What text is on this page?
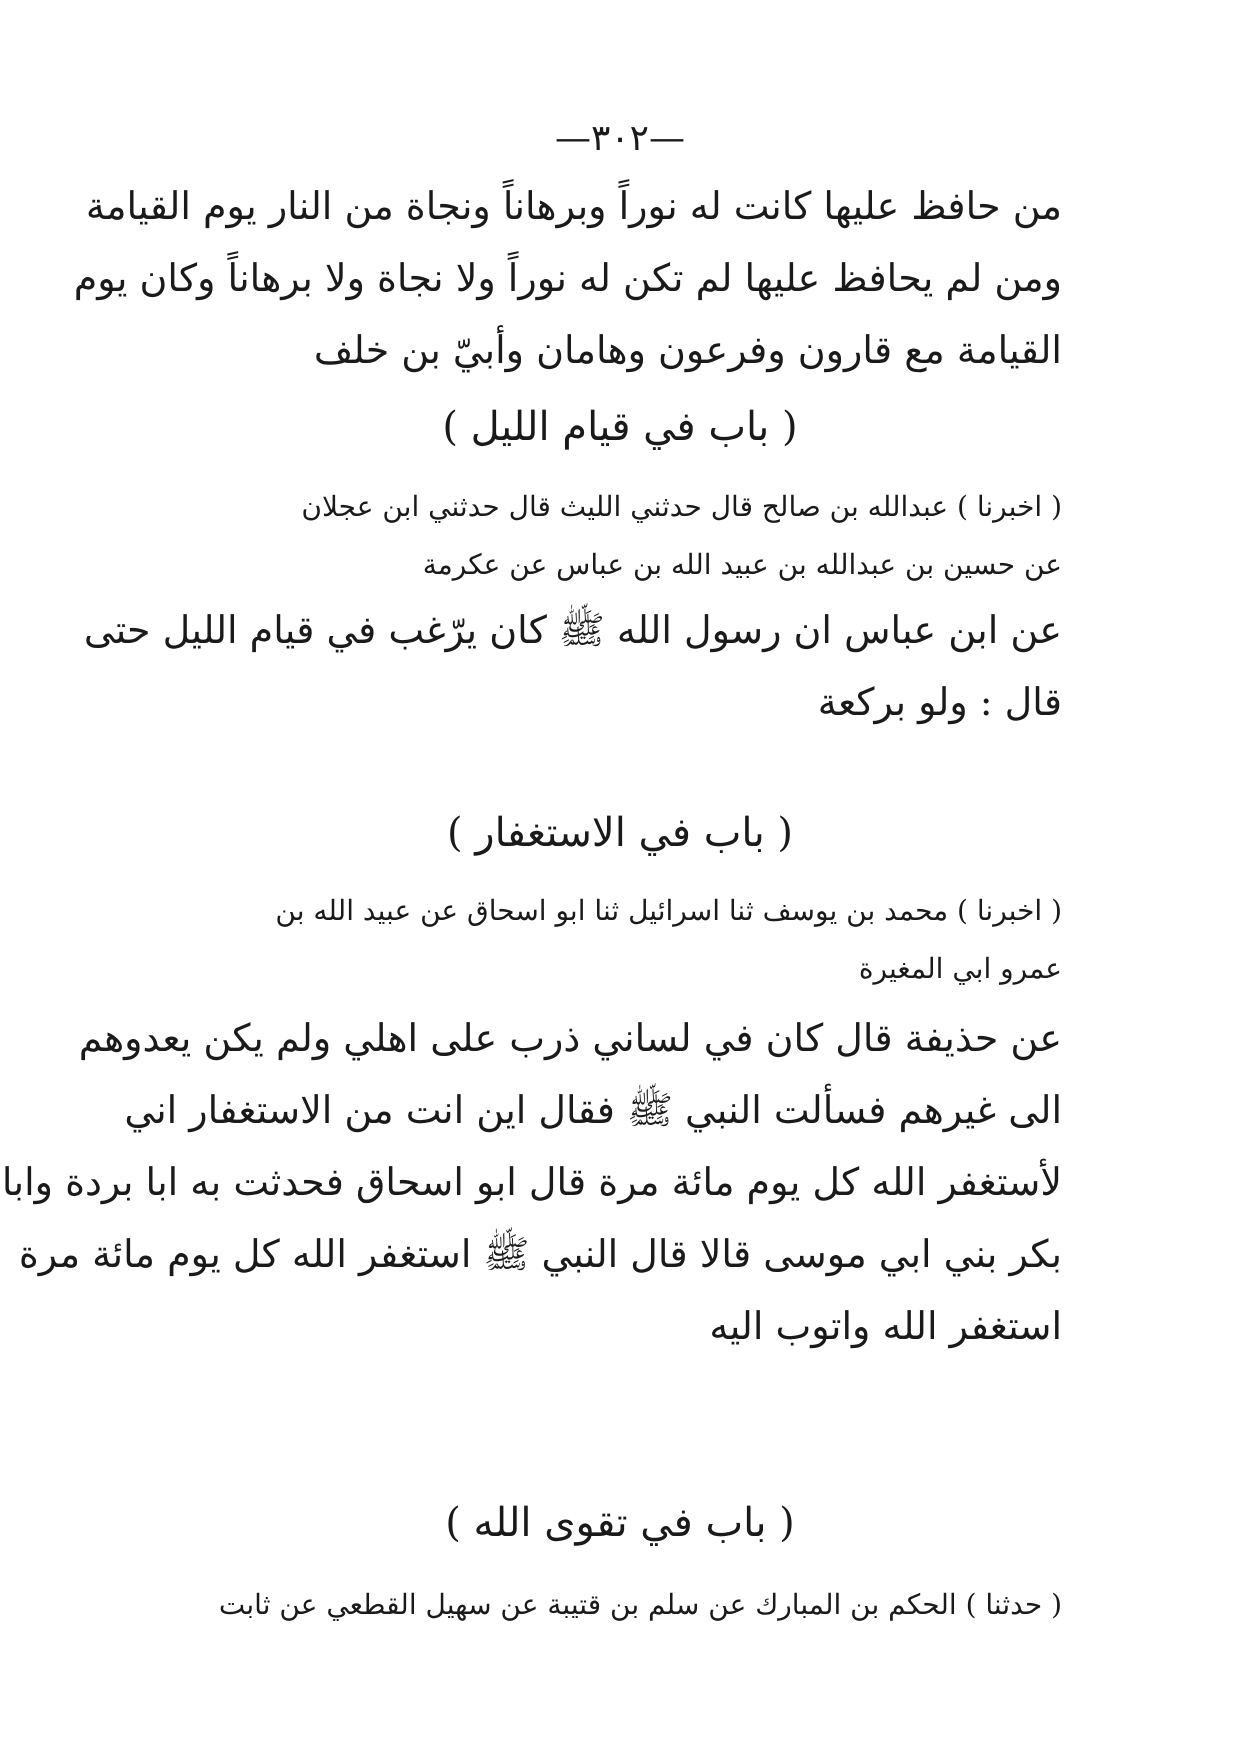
—٣٠٢—

من حافظ عليها كانت له نوراً وبرهاناً ونجاة من النار يوم القيامة
ومن لم يحافظ عليها لم تكن له نوراً ولا نجاة ولا برهاناً وكان يوم
القيامة مع قارون وفرعون وهامان وأبيّ بن خلف

( باب في قيام الليل )

( اخبرنا ) عبدالله بن صالح قال حدثني الليث قال حدثني ابن عجلان
عن حسين بن عبدالله بن عبيد الله بن عباس عن عكرمة

عن ابن عباس ان رسول الله ﷺ كان يرّغب في قيام الليل حتى
قال : ولو بركعة

( باب في الاستغفار )

( اخبرنا ) محمد بن يوسف ثنا اسرائيل ثنا ابو اسحاق عن عبيد الله بن
عمرو ابي المغيرة

عن حذيفة قال كان في لساني ذرب على اهلي ولم يكن يعدوهم
الى غيرهم فسألت النبي ﷺ فقال اين انت من الاستغفار اني
لأستغفر الله كل يوم مائة مرة قال ابو اسحاق فحدثت به ابا بردة وابا
بكر بني ابي موسى قالا قال النبي ﷺ استغفر الله كل يوم مائة مرة
استغفر الله واتوب اليه

( باب في تقوى الله )

( حدثنا ) الحكم بن المبارك عن سلم بن قتيبة عن سهيل القطعي عن ثابت
